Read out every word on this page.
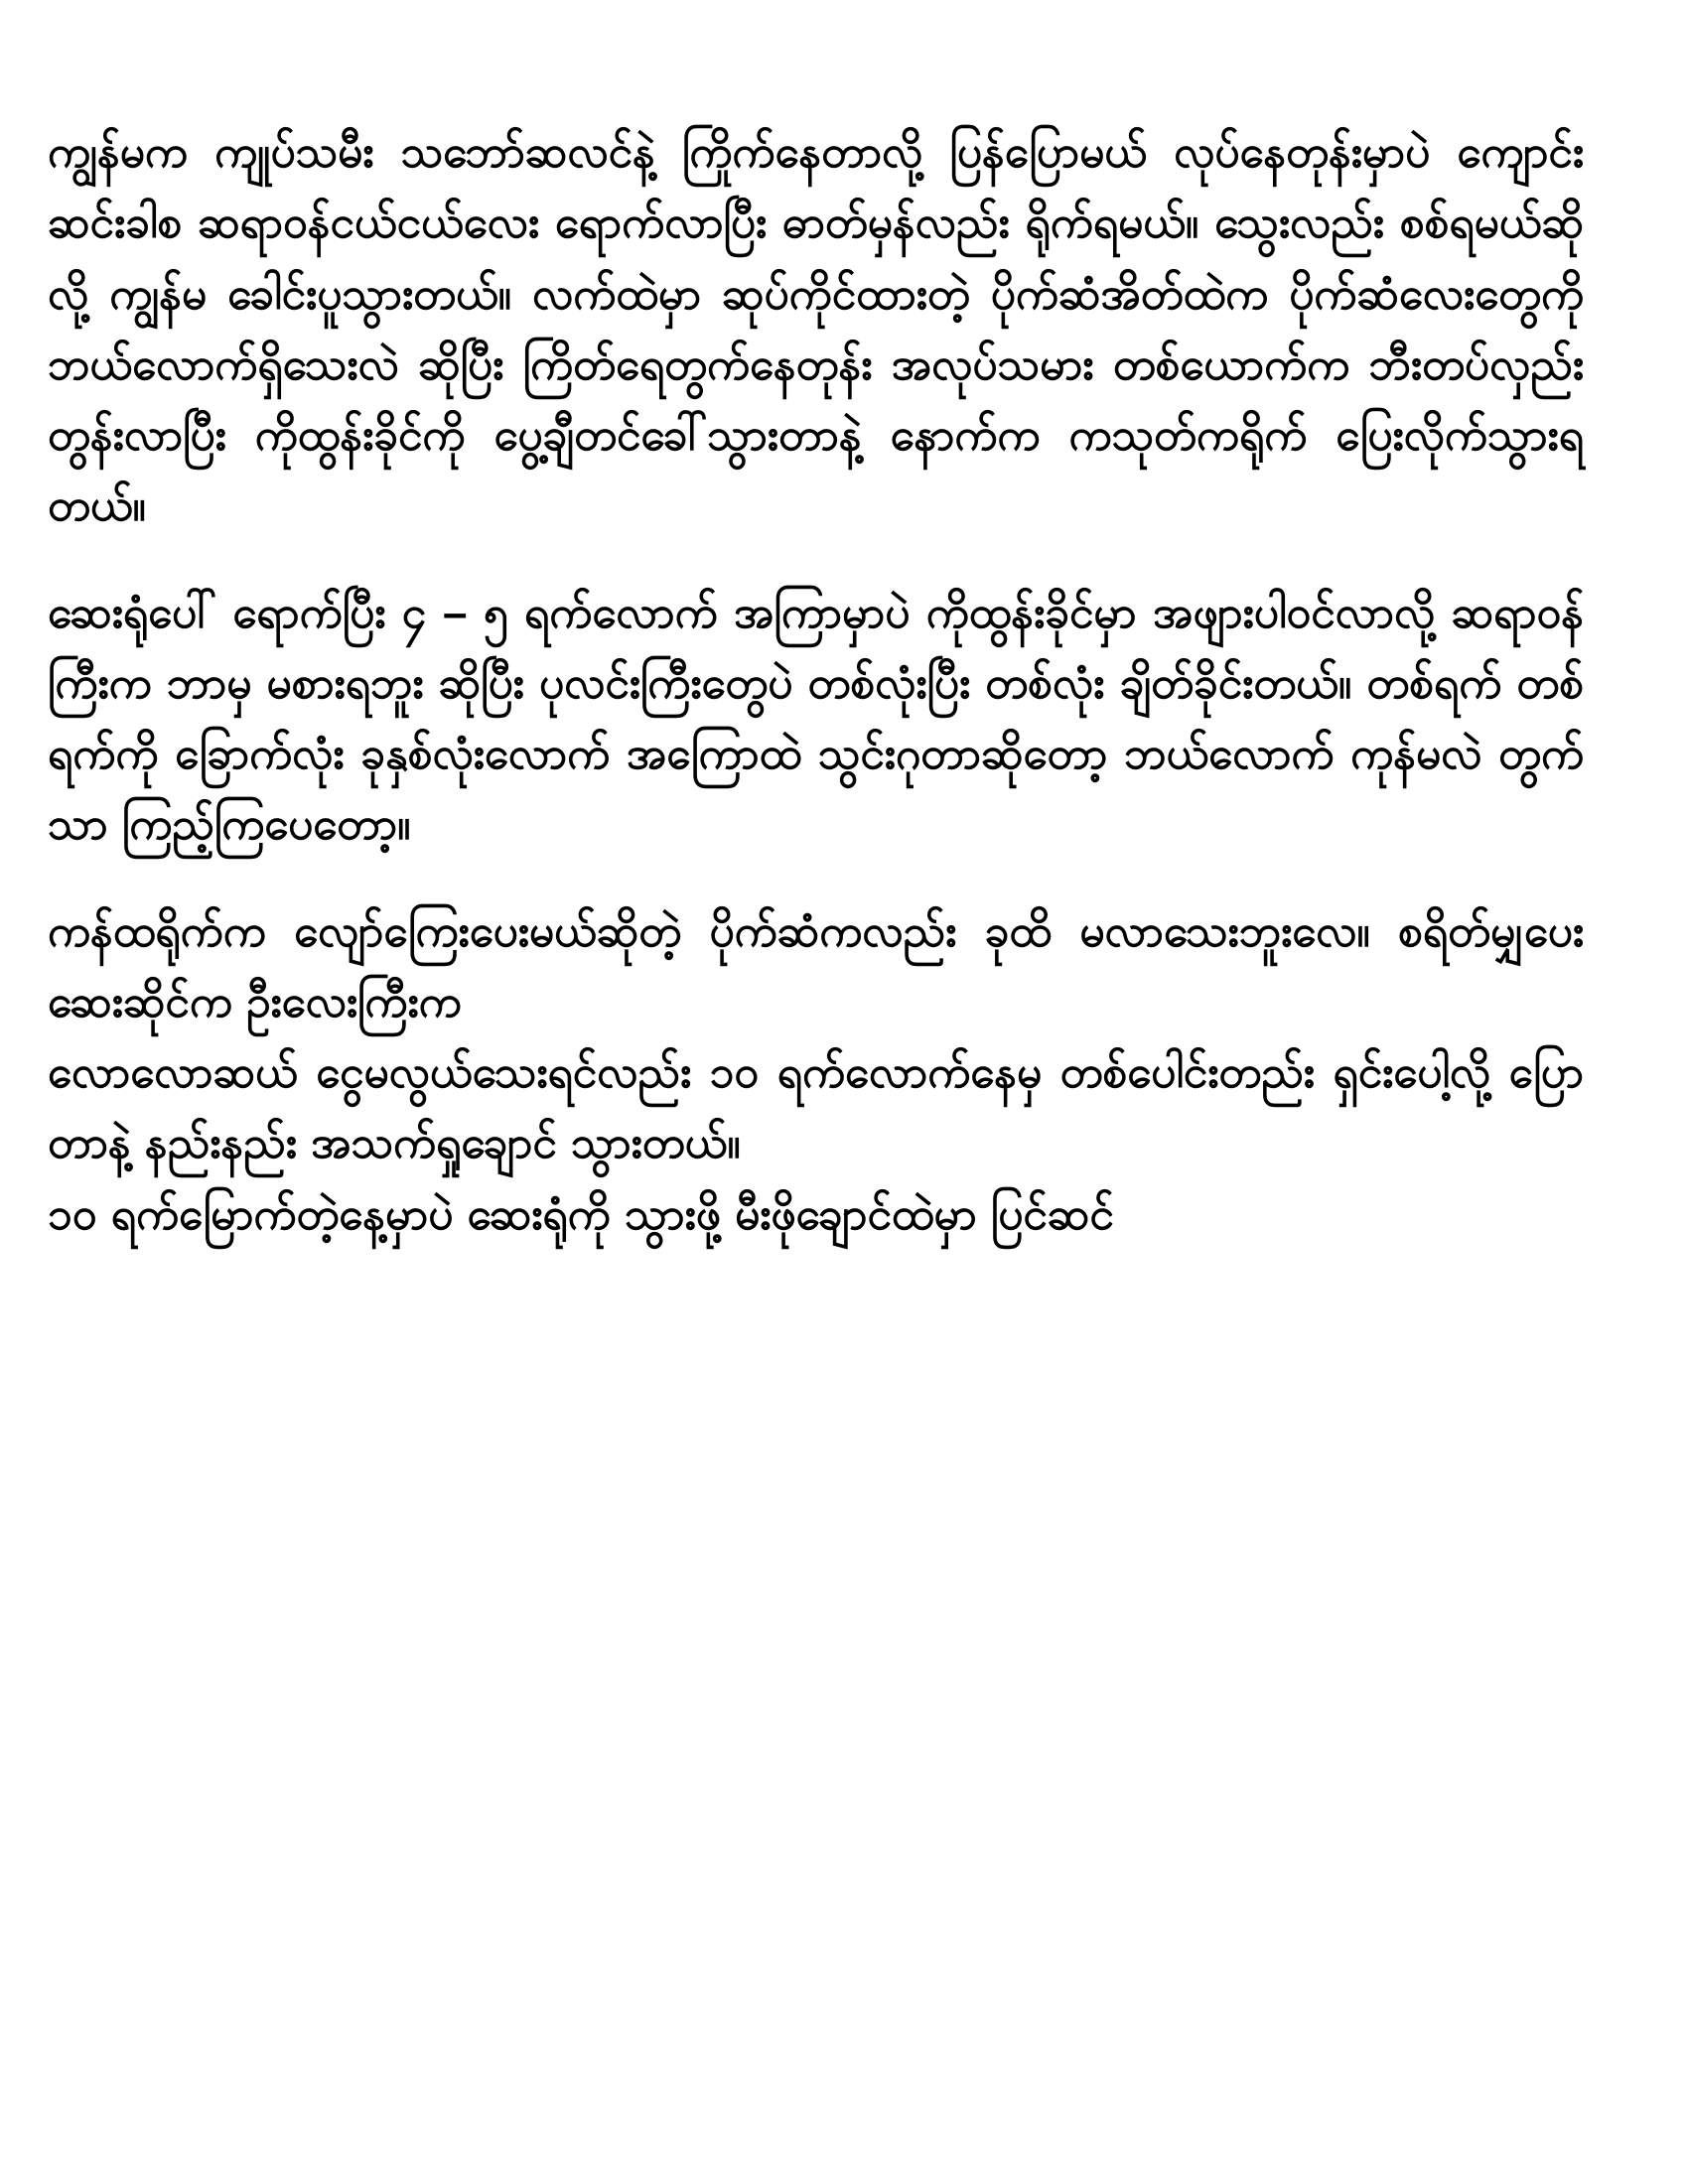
ကျွန်မက ကျုပ်သမီး သဘော်ဆလင်နဲ့ ကြိုက်နေတာလို့ ပြန်ပြောမယ် လုပ်နေတုန်းမှာပဲ ကျောင်းဆင်းခါစ ဆရာဝန်ငယ်ငယ်လေး ရောက်လာပြီး ဓာတ်မှန်လည်း ရိုက်ရမယ်။ သွေးလည်း စစ်ရမယ်ဆိုလို့ ကျွန်မ ခေါင်းပူသွားတယ်။ လက်ထဲမှာ ဆုပ်ကိုင်ထားတဲ့ ပိုက်ဆံအိတ်ထဲက ပိုက်ဆံလေးတွေကို ဘယ်လောက်ရှိသေးလဲ ဆိုပြီး ကြိတ်ရေတွက်နေတုန်း အလုပ်သမား တစ်ယောက်က ဘီးတပ်လှည်းတွန်းလာပြီး ကိုထွန်းခိုင်ကို ပွေ့ချီတင်ခေါ်သွားတာနဲ့ နောက်က ကသုတ်ကရိုက် ပြေးလိုက်သွားရတယ်။

ဆေးရုံပေါ် ရောက်ပြီး ၄ – ၅ ရက်လောက် အကြာမှာပဲ ကိုထွန်းခိုင်မှာ အဖျားပါဝင်လာလို့ ဆရာဝန်ကြီးက ဘာမှ မစားရဘူး ဆိုပြီး ပုလင်းကြီးတွေပဲ တစ်လုံးပြီး တစ်လုံး ချိတ်ခိုင်းတယ်။ တစ်ရက် တစ်ရက်ကို ခြောက်လုံး ခုနှစ်လုံးလောက် အကြောထဲ သွင်းဂုတာဆိုတော့ ဘယ်လောက် ကုန်မလဲ တွက်သာ ကြည့်ကြပေတော့။

ကန်ထရိုက်က လျော်ကြေးပေးမယ်ဆိုတဲ့ ပိုက်ဆံကလည်း ခုထိ မလာသေးဘူးလေ။ စရိတ်မျှပေး ဆေးဆိုင်က ဦးလေးကြီးက

လောလောဆယ် ငွေမလွယ်သေးရင်လည်း ၁၀ ရက်လောက်နေမှ တစ်ပေါင်းတည်း ရှင်းပေါ့လို့ ပြောတာနဲ့ နည်းနည်း အသက်ရှုချောင် သွားတယ်။

၁၀ ရက်မြောက်တဲ့နေ့မှာပဲ ဆေးရုံကို သွားဖို့ မီးဖိုချောင်ထဲမှာ ပြင်ဆင်
